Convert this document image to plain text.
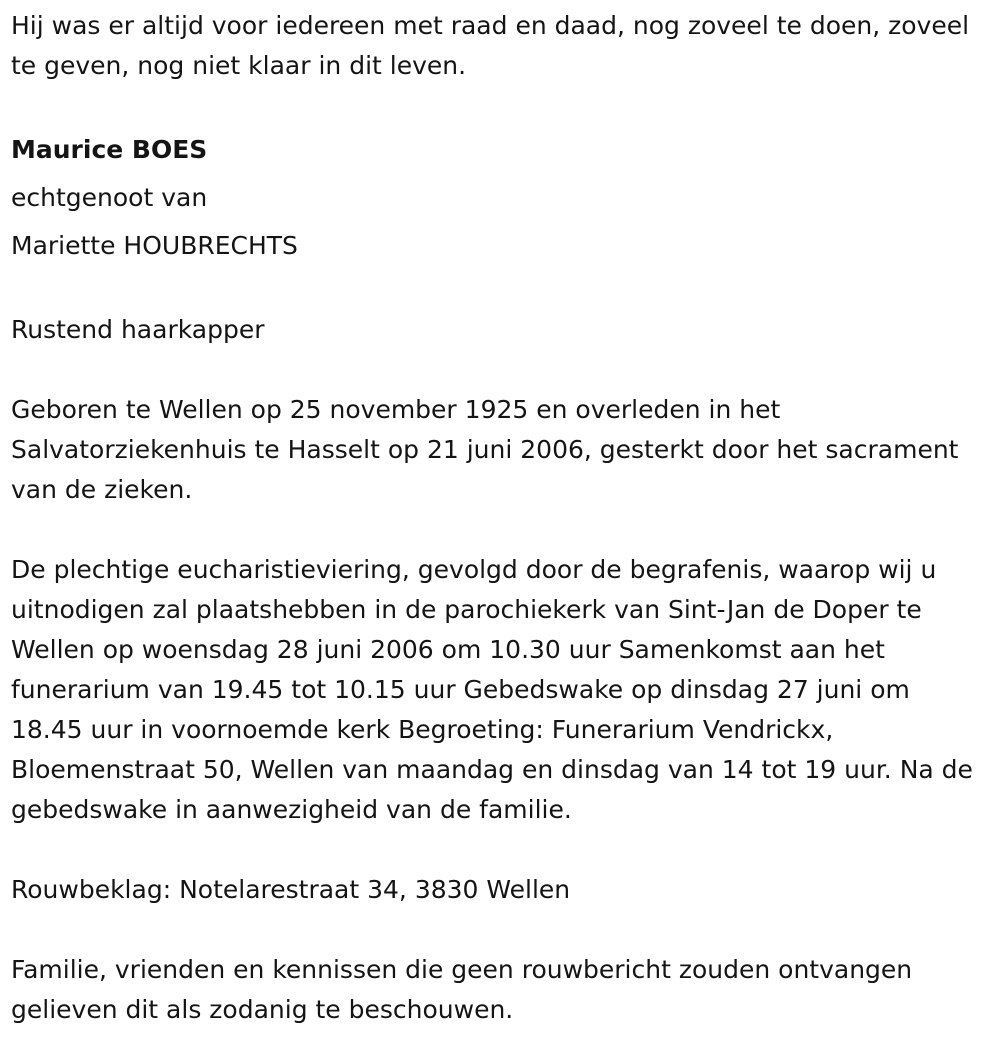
Hij was er altijd voor iedereen met raad en daad, nog zoveel te doen, zoveel te geven, nog niet klaar in dit leven.

Maurice BOES

echtgenoot van

Mariette HOUBRECHTS

Rustend haarkapper

Geboren te Wellen op 25 november 1925 en overleden in het Salvatorziekenhuis te Hasselt op 21 juni 2006, gesterkt door het sacrament van de zieken.

De plechtige eucharistieviering, gevolgd door de begrafenis, waarop wij u uitnodigen zal plaatshebben in de parochiekerk van Sint-Jan de Doper te Wellen op woensdag 28 juni 2006 om 10.30 uur Samenkomst aan het funerarium van 19.45 tot 10.15 uur Gebedswake op dinsdag 27 juni om 18.45 uur in voornoemde kerk Begroeting: Funerarium Vendrickx, Bloemenstraat 50, Wellen van maandag en dinsdag van 14 tot 19 uur. Na de gebedswake in aanwezigheid van de familie.

Rouwbeklag: Notelarestraat 34, 3830 Wellen

Familie, vrienden en kennissen die geen rouwbericht zouden ontvangen gelieven dit als zodanig te beschouwen.
